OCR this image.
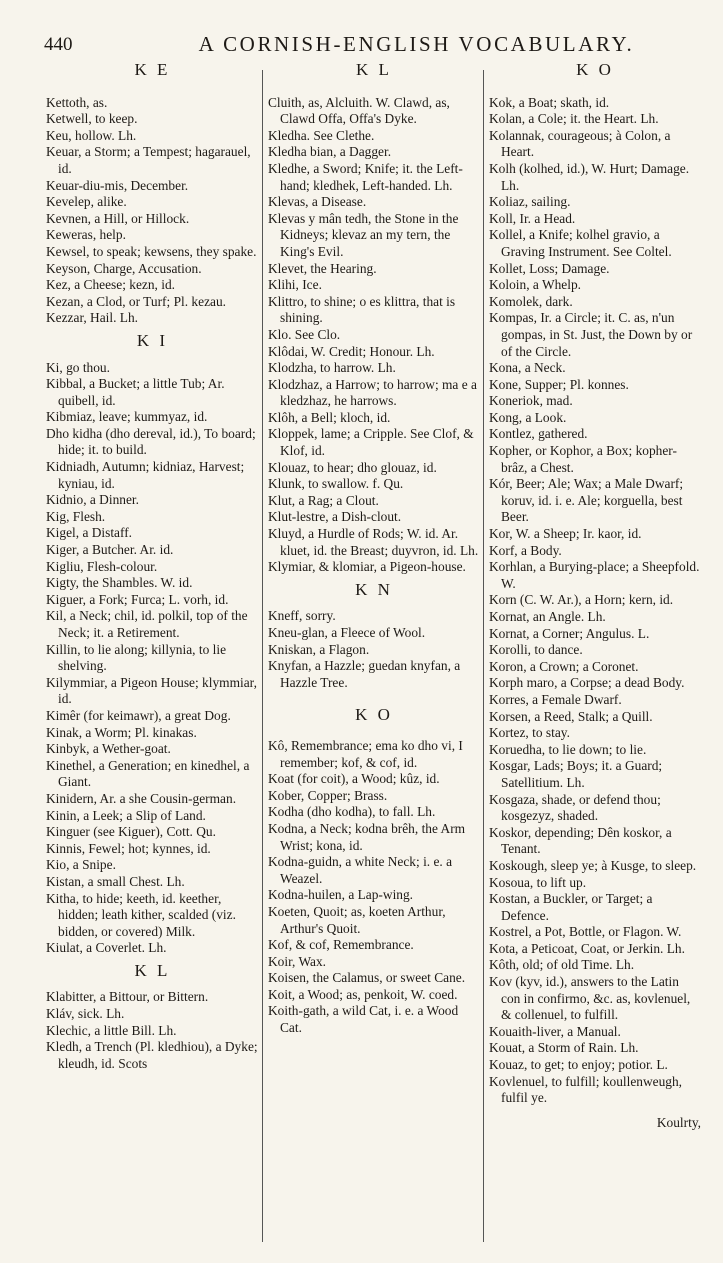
440	A CORNISH-ENGLISH VOCABULARY.
K E

Kettoth, as.

Ketwell, to keep.

Keu, hollow. Lh.

Keuar, a Storm; a Tempest; hagarauel, id.

Keuar-diu-mis, December.

Kevelep, alike.

Kevnen, a Hill, or Hillock.

Keweras, help.

Kewsel, to speak; kewsens, they spake.

Keyson, Charge, Accusation.

Kez, a Cheese; kezn, id.

Kezan, a Clod, or Turf; Pl. kezau.

Kezzar, Hail. Lh.

K I

Ki, go thou.

Kibbal, a Bucket; a little Tub; Ar. quibell, id.

Kibmiaz, leave; kummyaz, id.

Dho kidha (dho dereval, id.), To board; hide; it. to build.

Kidniadh, Autumn; kidniaz, Harvest; kyniau, id.

Kidnio, a Dinner.

Kig, Flesh.

Kigel, a Distaff.

Kiger, a Butcher. Ar. id.

Kigliu, Flesh-colour.

Kigty, the Shambles. W. id.

Kiguer, a Fork; Furca; L. vorh, id.

Kil, a Neck; chil, id. polkil, top of the Neck; it. a Retirement.

Killin, to lie along; killynia, to lie shelving.

Kilymmiar, a Pigeon House; klymmiar, id.

Kimêr (for keimawr), a great Dog.

Kinak, a Worm; Pl. kinakas.

Kinbyk, a Wether-goat.

Kinethel, a Generation; en kinedhel, a Giant.

Kinidern, Ar. a she Cousin-german.

Kinin, a Leek; a Slip of Land.

Kinguer (see Kiguer), Cott. Qu.

Kinnis, Fewel; hot; kynnes, id.

Kio, a Snipe.

Kistan, a small Chest. Lh.

Kitha, to hide; keeth, id. keether, hidden; leath kither, scalded (viz. bidden, or covered) Milk.

Kiulat, a Coverlet. Lh.

K L

Klabitter, a Bittour, or Bittern.

Kláv, sick. Lh.

Klechic, a little Bill. Lh.

Kledh, a Trench (Pl. kledhiou), a Dyke; kleudh, id. Scots

K L

Cluith, as, Alcluith. W. Clawd, as, Clawd Offa, Offa's Dyke.

Kledha. See Clethe.

Kledha bian, a Dagger.

Kledhe, a Sword; Knife; it. the Left-hand; kledhek, Left-handed. Lh.

Klevas, a Disease.

Klevas y mân tedh, the Stone in the Kidneys; klevaz an my tern, the King's Evil.

Klevet, the Hearing.

Klihi, Ice.

Klittro, to shine; o es klittra, that is shining.

Klo. See Clo.

Klôdai, W. Credit; Honour. Lh.

Klodzha, to harrow. Lh.

Klodzhaz, a Harrow; to harrow; ma e a kledzhaz, he harrows.

Klôh, a Bell; kloch, id.

Kloppek, lame; a Cripple. See Clof, & Klof, id.

Klouaz, to hear; dho glouaz, id.

Klunk, to swallow. f. Qu.

Klut, a Rag; a Clout.

Klut-lestre, a Dish-clout.

Kluyd, a Hurdle of Rods; W. id. Ar. kluet, id. the Breast; duyvron, id. Lh.

Klymiar, & klomiar, a Pigeon-house.

K N

Kneff, sorry.

Kneu-glan, a Fleece of Wool.

Kniskan, a Flagon.

Knyfan, a Hazzle; guedan knyfan, a Hazzle Tree.

K O

Kô, Remembrance; ema ko dho vi, I remember; kof, & cof, id.

Koat (for coit), a Wood; kûz, id.

Kober, Copper; Brass.

Kodha (dho kodha), to fall. Lh.

Kodna, a Neck; kodna brêh, the Arm Wrist; kona, id.

Kodna-guidn, a white Neck; i. e. a Weazel.

Kodna-huilen, a Lap-wing.

Koeten, Quoit; as, koeten Arthur, Arthur's Quoit.

Kof, & cof, Remembrance.

Koir, Wax.

Koisen, the Calamus, or sweet Cane.

Koit, a Wood; as, penkoit, W. coed.

Koith-gath, a wild Cat, i. e. a Wood Cat.

K O

Kok, a Boat; skath, id.

Kolan, a Cole; it. the Heart. Lh.

Kolannak, courageous; à Colon, a Heart.

Kolh (kolhed, id.), W. Hurt; Damage. Lh.

Koliaz, sailing.

Koll, Ir. a Head.

Kollel, a Knife; kolhel gravio, a Graving Instrument. See Coltel.

Kollet, Loss; Damage.

Koloin, a Whelp.

Komolek, dark.

Kompas, Ir. a Circle; it. C. as, n'un gompas, in St. Just, the Down by or of the Circle.

Kona, a Neck.

Kone, Supper; Pl. konnes.

Koneriok, mad.

Kong, a Look.

Kontlez, gathered.

Kopher, or Kophor, a Box; kopher-brâz, a Chest.

Kór, Beer; Ale; Wax; a Male Dwarf; koruv, id. i. e. Ale; korguella, best Beer.

Kor, W. a Sheep; Ir. kaor, id.

Korf, a Body.

Korhlan, a Burying-place; a Sheepfold. W.

Korn (C. W. Ar.), a Horn; kern, id.

Kornat, an Angle. Lh.

Kornat, a Corner; Angulus. L.

Korolli, to dance.

Koron, a Crown; a Coronet.

Korph maro, a Corpse; a dead Body.

Korres, a Female Dwarf.

Korsen, a Reed, Stalk; a Quill.

Kortez, to stay.

Koruedha, to lie down; to lie.

Kosgar, Lads; Boys; it. a Guard; Satellitium. Lh.

Kosgaza, shade, or defend thou; kosgezyz, shaded.

Koskor, depending; Dên koskor, a Tenant.

Koskough, sleep ye; à Kusge, to sleep.

Kosoua, to lift up.

Kostan, a Buckler, or Target; a Defence.

Kostrel, a Pot, Bottle, or Flagon. W.

Kota, a Peticoat, Coat, or Jerkin. Lh.

Kôth, old; of old Time. Lh.

Kov (kyv, id.), answers to the Latin con in confirmo, &c. as, kovlenuel, & collenuel, to fulfill.

Kouaith-liver, a Manual.

Kouat, a Storm of Rain. Lh.

Kouaz, to get; to enjoy; potior. L.

Kovlenuel, to fulfill; koullenweugh, fulfil ye.

Koulrty,
